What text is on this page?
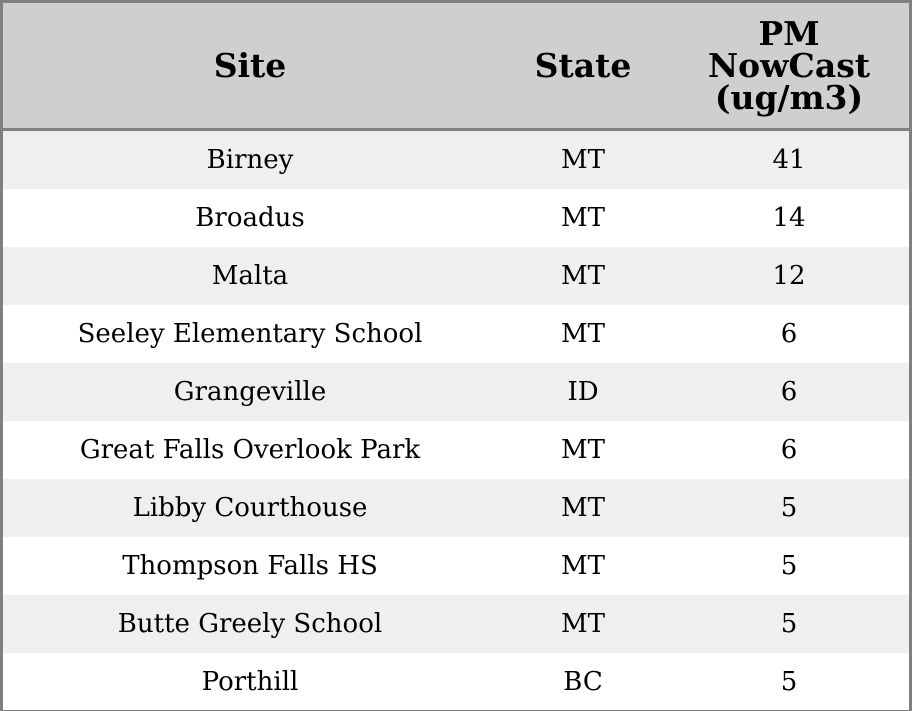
Site	State	PM
NowCast
(ug/m3)

Birney	MT	41
Broadus	MT	14
Malta	MT	12
Seeley Elementary School	MT	6
Grangeville	ID	6
Great Falls Overlook Park	MT	6
Libby Courthouse	MT	5
Thompson Falls HS	MT	5
Butte Greely School	MT	5
Porthill	BC	5
